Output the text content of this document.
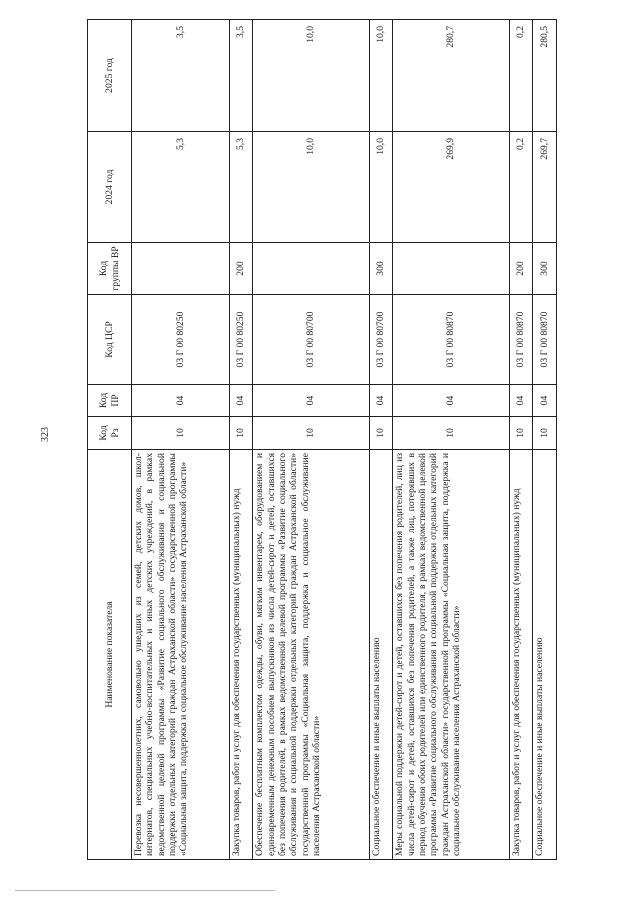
323
Наименование показателя	Код Рз	Код ПР	Код ЦСР	Код группы ВР	2024 год	2025 год
Перевозка несовершеннолетних, самовольно ушедших из семей, детских домов, школ-интернатов, специальных учебно-воспитательных и иных детских учреждений, в рамках ведомственной целевой программы «Развитие социального обслуживания и социальной поддержки отдельных категорий граждан Астраханской области» государственной программы «Социальная защита, поддержка и социальное обслуживание населения Астраханской области»	10	04	03 Г 00 80250		5,3	3,5
Закупка товаров, работ и услуг для обеспечения государственных (муниципальных) нужд	10	04	03 Г 00 80250	200	5,3	3,5
Обеспечение бесплатным комплектом одежды, обуви, мягким инвентарем, оборудованием и единовременным денежным пособием выпускников из числа детей-сирот и детей, оставшихся без попечения родителей, в рамках ведомственной целевой программы «Развитие социального обслуживания и социальной поддержки отдельных категорий граждан Астраханской области» государственной программы «Социальная защита, поддержка и социальное обслуживание населения Астраханской области»	10	04	03 Г 00 80700		10,0	10,0
Социальное обеспечение и иные выплаты населению	10	04	03 Г 00 80700	300	10,0	10,0
Меры социальной поддержки детей-сирот и детей, оставшихся без попечения родителей, лиц из числа детей-сирот и детей, оставшихся без попечения родителей, а также лиц, потерявших в период обучения обоих родителей или единственного родителя, в рамках ведомственной целевой программы «Развитие социального обслуживания и социальной поддержки отдельных категорий граждан Астраханской области» государственной программы «Социальная защита, поддержка и социальное обслуживание населения Астраханской области»	10	04	03 Г 00 80870		269,9	280,7
Закупка товаров, работ и услуг для обеспечения государственных (муниципальных) нужд	10	04	03 Г 00 80870	200	0,2	0,2
Социальное обеспечение и иные выплаты населению	10	04	03 Г 00 80870	300	269,7	280,5
